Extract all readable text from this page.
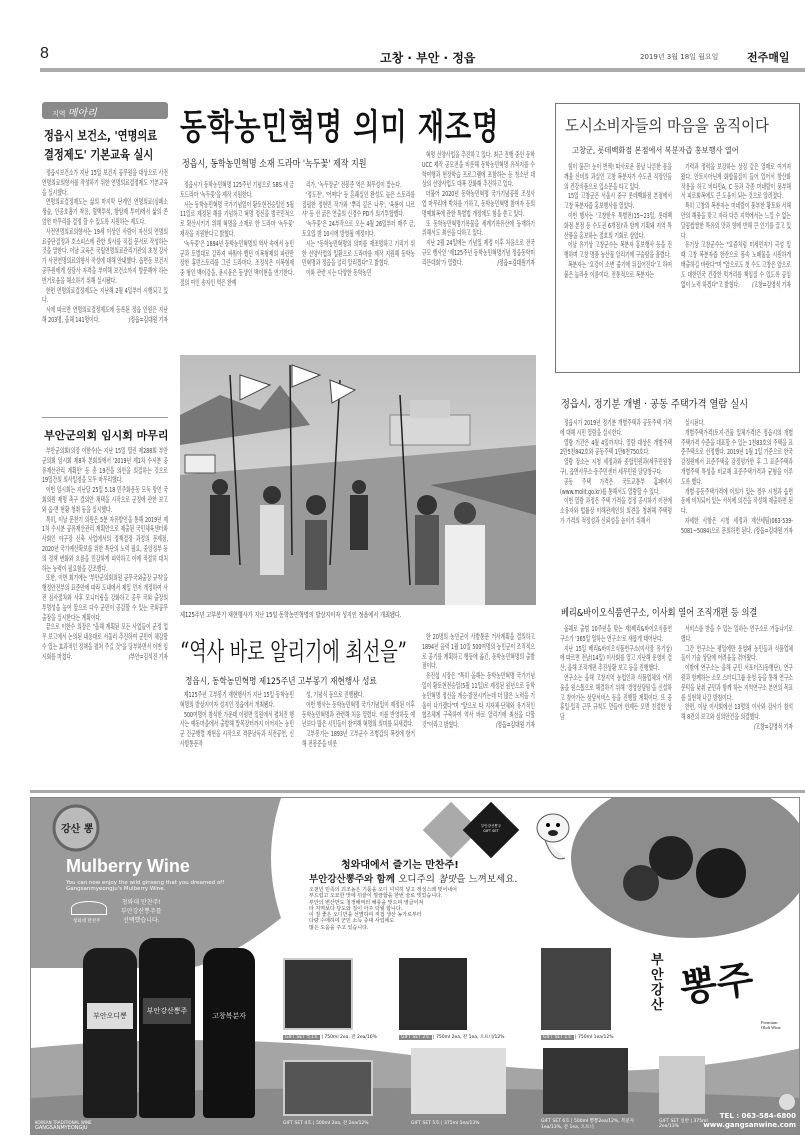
8	고창 · 부안 · 정읍	2019년 3월 18일 월요일	전주매일
지역 메아리
정읍시 보건소, '연명의료
결정제도' 기본교육 실시

정읍시보건소가 지난 15일 보건지 공무원을 대상으로 사전연명의료의향서를 작성하기 위한 연명의료결정제도 기본교육을 실시했다.

연명의료결정제도는 삶의 마지막 단계인 연명의료(심폐소생술, 인공호흡기 착용, 혈액투석, 항암제 투여)에서 삶의 존엄한 마무리를 결정 할 수 있도록 지원하는 제도다.

사전연명의료의향서는 19세 이상인 사람이 자신의 연명의료중단결정과 호스피스에 관한 의사를 직접 문서로 작성하는 것을 말한다. 이날 교육은 국립연명의료관리기관의 초청 강사가 사전연명의료의향서 작성에 대해 안내했다. 읍면동 보건지 공무원에게 상담사 자격을 부여해 보건소까지 방문해야 하는 번거로움을 해소하기 위해 실시됐다.

한편 연명의료결정제도는 지난해 2월 4일부터 시행되고 있다.

시에 따르면 연명의료결정제도에 등록된 정읍 인원은 지난해 203명, 올해 141명이다.	/정읍=김대원 기자

부안군의회 임시회 마무리

부안군의회(의장 이한수)는 지난 15일 열린 제288회 부안군의회 임시회 제8차 본회의에서 '2019년 제1차 수시분 공유재산관리 계획안' 등 총 19건을 의안을 의결하는 것으로 19일간의 의사일정을 모두 마무리했다.

이번 임시회는 지난달 25일 5.18 민주화운동 모독 망언 국회의원 제명 촉구 결의안 채택을 시작으로 군정에 관한 보고와 읍·면 현황 청취 등을 실시했다.

특히, 이날 문찬기 의원은 5분 자유발언을 통해 2019년 제1차 수시분 공유재산관리 계획안으로 제출된 국민체육센터와 사회인 야구장 신축 사업에서의 정책결정 과정의 문제점, 2020년 국가예산확보를 위한 특단의 노력 필요, 중앙정부 등의 정책 변화와 흐름을 민감하게 파악하고 이에 적절히 대처하는 능력이 필요함을 강조했다.

또한, 이번 회기에는 '부안군의회의원 공무국외출장 규칙'을 행정안전부의 표준안에 따라 도내에서 제일 먼저 개정하여 사전 심사절차와 사후 모니터링을 강화하고 공무 국외 출장의 투명성을 높여 앞으로 다수 군민이 공감할 수 있는 국외공무출장을 실시한다는 계획이다.

끝으로 이한수 의장은 "올해 계획된 모든 사업들이 군정 업무 보고에서 논의된 내용대로 서둘러 추진하여 군민이 체감할 수 있는 효과적인 정책을 펼쳐 주길 것"을 당부하면서 이번 임시회를 마쳤다.	/부안=김석진 기자

동학농민혁명 의미 재조명
정읍시, 동학농민혁명 소재 드라마 '녹두꽃' 제작 지원

정읍시가 동학농민혁명 125주년 기념으로 SBS 새 금토드라마 '녹두꽃'을 제작 지원한다.

시는 동학농민혁명 국가기념일이 황토현전승일인 5월 11일로 제정된 해를 기념하고 혁명 정신을 범국민적으로 확산시키기 위해 혁명을 소재로 한 드라마 '녹두꽃' 제작을 지원한다고 밝혔다.

'녹두꽃'은 1894년 동학농민혁명의 역사 속에서 농민군과 토벌대로 갈라져 싸워야 했던 이복형제의 파란만장한 휴먼스토리를 그린 드라마다. 조정석은 이복형제 중 형인 백이강을, 윤시윤은 동생인 백이현을 연기한다. 절의 여인 송자인 역은 한예

리가, '녹두장군' 전봉준 역은 최무성이 맡는다.

'정도전', '어쩌다' 등 흔쾌실인 완성도 높은 스토리를 집필한 정현민 작가와 '뿌리 깊은 나무', '육룡이 나르샤' 등 선 굵은 연출의 신경수 PD가 의기투합했다.

'녹두꽃'은 24부작으로 오는 4월 26일부터 매주 금, 토요일 밤 10시에 방영될 예정이다.

시는 "동학농민혁명의 의미를 재조명하고 기리기 위한 선양사업의 일환으로 드라마를 제작 지원해 동학농민혁명과 정읍을 널리 알리겠다"고 밝혔다.

이와 관련 시는 다양한 동학농민

혁명 선양사업을 추진하고 있다. 최근 진행 중인 동학 UCC 제작 공모전을 비롯해 동학농민혁명 유적지를 수학여행과 현장학습 프로그램에 포함하는 등 청소년 대상의 선양사업도 대폭 강화해 추진하고 있다.

더불어 2020년 동학농민혁명 국가기념공원 조성사업 마무리에 박차를 가하고, 동학농민혁명 참여자 등의 명예회복에 관한 특별법 개정에도 힘을 쏟고 있다.

또 동학농민혁명기록물을 세계기록유산에 등재하기 위해서도 최선을 다하고 있다.

지난 2월 24일에는 기념일 제정 이후 처음으로 전국 규모 행사인 '제125주년 동학농민혁명기념 정읍동학미리뜬대회'가 열렸다.	/정읍=김대원기자

제125주년 고부봉기 재현행사가 지난 15일 동학농민혁명의 발상지이자 성지인 정읍에서 개최됐다.
“역사 바로 알리기에 최선을”
정읍시, 동학농민혁명 제125주년 고부봉기 재현행사 성료

제125주년 고부봉기 재현행사가 지난 15일 동학농민혁명의 발상지이자 성지인 정읍에서 개최됐다.

500여명이 참석한 가운데 이평면 일원에서 펼쳐진 행사는 예동마을에서 출발해 말목장터까지 이어지는 농민군 진군행렬 재현을 시작으로 격문낭독과 식전공연, 신사발통문작

성, 기념식 등으로 진행됐다.

이번 행사는 동학농민혁명 국가기념일이 제정된 이후 동학농민혁명과 관련해 처음 열렸다. 이를 반영하듯 예년보다 많은 시민들이 참여해 혁명의 의미를 되새겼다.

고부봉기는 1893년 고부군수 조병갑의 폭정에 항거해 전봉준을 비롯

한 20명의 농민군이 사발통문 거사계획을 결의하고 1894년 음력 1월 10일 500여명의 농민군이 조직적으로 공기를 계획하고 행동에 옮긴, 동학농민혁명의 출발점이다.

유진섭 시장은 "특히 올해는 동학농민혁명 국가기념일이 황토현전승일(5월 11일)로 제정된 원년으로 동학농민혁명 정신을 계승·발전시키는데 더 많은 노력을 기울여 나가겠다"며 "앞으로 타 지자체·단체와 유기적인 협조체계 구축하여 역사 바로 알리기에 최선을 다할 것"이라고 밝혔다.	/정읍=김대원 기자

도시소비자들의 마음을 움직이다
고창군, 롯데백화점 본점에서 복분자즙 홍보행사 열어

힘이 불끈! 눈이 번쩍! 따사로운 봄날 나른한 몸을 깨울 신비의 과실인 고창 복분자가 수도권 직장인들의 건강식품으로 입소문을 타고 있다.

15일 고창군은 서울시 중구 롯데백화점 본점에서 고창 복분자즙 홍보행사를 열었다.

이번 행사는 '고창한우 특별전(15~23일, 롯데백화점 본점 등 수도권 6개점)'과 함께 기획돼 지역 특산품을 홍보하는 절호의 기회로 삼았다.

이날 유기상 고창군수는 복분자 홍보행사 등을 진행하며 고창 명품 농산물 알리기에 구슬땀을 흘렸다.

복분자는 '요강이 소변 줄기에 뒤집어진다'고 하여 붙은 놀라운 이름이다. 전통적으로 복분자는

기력과 정력을 보강하는 상징 같은 열매로 여겨져 왔다. 안토시아닌계 화합물질이 들어 있어서 항산화 작용을 하고 비타민A, C 등과 각종 미네랄이 풍부해서 피로회복에도 큰 도움이 되는 것으로 알려졌다.

특히 고창의 복분자는 미네랄이 풍부한 황토와 서해안의 해풍을 맞고 자라 다른 지역에서는 느낄 수 없는 달콤쌉쌀한 특유의 맛과 향에 반해 큰 인기를 끌고 있다.

유기상 고창군수는 "요즘처럼 미세먼지가 극성 일 때 고창 복분자즙 한잔으로 몸속 노폐물을 시원하게 배출하길 바란다"며 "앞으로도 첫 수도 고창은 앞으로도 대한민국 건강한 먹거리를 책임질 수 있도록 공임없이 노력 하겠다"고 밝혔다. /고창=김영식 기자

정읍시, 정기분 개별 · 공동 주택가격 열람 실시

정읍시가 2019년 정기분 개별주택과 공동주택 가격에 대해 시민 열람을 실시한다.

열람 기간은 4월 4일까지다. 열람 대상은 개별주택 2만5천842호와 공동주택 1만6천750호다.

열람 장소는 시청 세정과와 종합민원과(세무민원창구), 읍면사무소·동주민센터 세무민원 담당창구다.

공동 주택 가격은 국토교통부 홈페이지(www.molit.go.kr)를 통해서도 열람할 수 있다.

이번 열람 과정은 주택 가격을 결정 공시하기 이전에 소유자와 법률상 이해관계인의 의견을 청취해 주택평가 가격의 적정성과 신뢰성을 높이기 위해서

실시된다.

개별주택가격(토지·건물 일체가격)은 정읍시의 개별주택가격 수준을 대표할 수 있는 1천83호의 주택을 표준주택으로 선정했다. 2019년 1월 1일 기준으로 한국감정원에서 표준주택을 감정평가한 후 그 표준주택과 개별주택 특성을 비교해 표준주택가격과 균형을 이루도록 했다.

개별·공동주택가격에 이의가 있는 경우 시청과 읍면동에 비치되어 있는 서식에 의견을 작성해 제출하면 된다.

자세한 사항은 시청 세정과 재산세팀(063-539-5081~5084)으로 문의하면 된다. /정읍=김대원 기자

베리&바이오식품연구소, 이사회 열어 조직개편 등 의결

올해로 출범 10주년을 맞는 재)베리&바이오식품연구소가 '365일 일하는 연구소'로 새롭게 태어난다.

지난 15일 베리&바이오식품연구소(이사장 유기상)에 따르면 전날(14일) 이사회를 열고 지난해 운영비 결산, 올해 조직개편 추진상황 보고 등을 진행했다.

연구소는 올해 고창지역 농업인과 식품업체의 어려움을 원스톱으로 해결하기 위해 '경영상담팀'을 신설하고 찾아가는 상담서비스 등을 진행할 계획이다. 또 공휴일·일직 근무 규칙도 만들어 언제든 오면 친절한 상담

서비스를 받을 수 있는 일하는 연구소로 거듭나기로 했다.

그간 연구소는 평일에만 운영돼 농민들과 식품업체들이 기술 상담에 어려움을 겪어왔다.

이밖에 연구소는 올해 군민 서포터즈(동행단), 연구원과 함께하는 소모 스터디그룹 운영 등을 통해 연구소 문턱을 낮춰 군민과 함께 하는 지역연구소 본연의 목표를 실현해 나갈 방침이다.

한편, 이날 이사회에선 13명의 이사와 감사가 참석해 8건의 보고와 심의안건을 의결했다.
/고창=김영식 기자

강산 뽕
Mulberry Wine
You can now enjoy the wild ginseng that you dreamed of!
Gangsanmyeongju's Mulberry Wine.
청와대 만찬주
청와대 만찬주!
부안강산뽕주를
선택했습니다.
부안강산뽕주
GIFT SET
청와대에서 즐기는 만찬주!
부안강산뽕주와 함께 오디주의 참맛을 느껴보세요.
오천년 민족의 괴조높은 기품을 오디 넉넉히 넣고 정성스레 빚어내어
부드럽고 오묘한 맛에 뒤끝이 깔끔함을 한번 술로 빚었습니다.
부안의 변산반도 청정해역의 해풍을 맞으며 영글어져
타 지역보다 당도와 질이 아주 탁월 합니다.
이 질 좋은 오디만을 선별하여 직접 생산 농가로부터
다량 수매하여 군민 소득 증대 사업에도
많은 도움을 주고 있습니다.
부안오디뽕
부안강산뽕주
고창복분자
KOREAN TRADITIONAL WINE
GANGSANMYEONGJU
GIFT SET 특1호 | 750ml 2ea, 잔 2ea/16%	GIFT SET 2호 | 750ml 2ea, 잔 1ea, 오프너/12%	GIFT SET 1호 | 750ml 1ea/12%
GIFT SET 4호 | 500ml 2ea, 잔 2ea/12%	GIFT SET 5호 | 375ml 5ea/13%	GIFT SET 6호 | 500ml 뽕뽕2ea/12%, 복분자1ea/13%, 잔 1ea, 오프너
GIFT SET 일반 | 375ml 2ea/13%
부
안
강
산 뽕주
Premium
Ohdi Wine
TEL : 063-584-6800
www.gangsanwine.com
